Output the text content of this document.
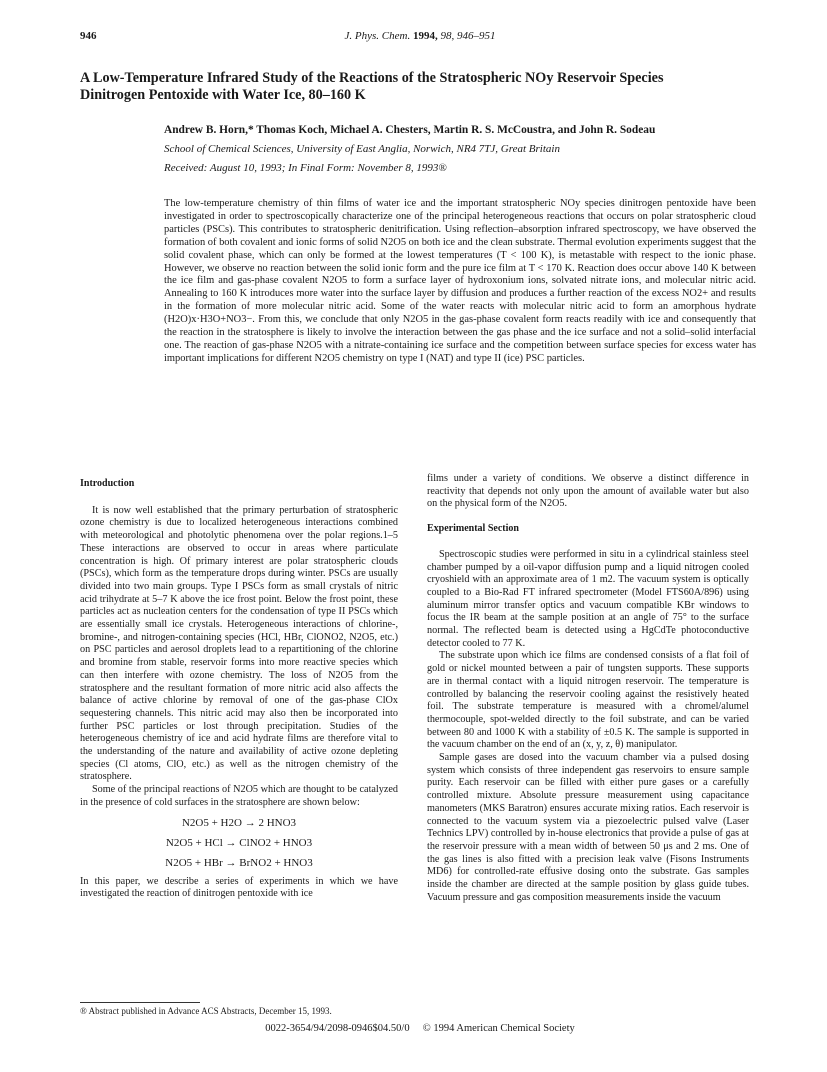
946	J. Phys. Chem. 1994, 98, 946–951
A Low-Temperature Infrared Study of the Reactions of the Stratospheric NOy Reservoir Species
Dinitrogen Pentoxide with Water Ice, 80–160 K

Andrew B. Horn,* Thomas Koch, Michael A. Chesters, Martin R. S. McCoustra, and John R. Sodeau

School of Chemical Sciences, University of East Anglia, Norwich, NR4 7TJ, Great Britain

Received: August 10, 1993; In Final Form: November 8, 1993®

The low-temperature chemistry of thin films of water ice and the important stratospheric NOy species dinitrogen pentoxide have been investigated in order to spectroscopically characterize one of the principal heterogeneous reactions that occurs on polar stratospheric cloud particles (PSCs). This contributes to stratospheric denitrification. Using reflection–absorption infrared spectroscopy, we have observed the formation of both covalent and ionic forms of solid N2O5 on both ice and the clean substrate. Thermal evolution experiments suggest that the solid covalent phase, which can only be formed at the lowest temperatures (T < 100 K), is metastable with respect to the ionic phase. However, we observe no reaction between the solid ionic form and the pure ice film at T < 170 K. Reaction does occur above 140 K between the ice film and gas-phase covalent N2O5 to form a surface layer of hydroxonium ions, solvated nitrate ions, and molecular nitric acid. Annealing to 160 K introduces more water into the surface layer by diffusion and produces a further reaction of the excess NO2+ and results in the formation of more molecular nitric acid. Some of the water reacts with molecular nitric acid to form an amorphous hydrate (H2O)x·H3O+NO3−. From this, we conclude that only N2O5 in the gas-phase covalent form reacts readily with ice and consequently that the reaction in the stratosphere is likely to involve the interaction between the gas phase and the ice surface and not a solid–solid interfacial one. The reaction of gas-phase N2O5 with a nitrate-containing ice surface and the competition between surface species for excess water has important implications for different N2O5 chemistry on type I (NAT) and type II (ice) PSC particles.

Introduction

It is now well established that the primary perturbation of stratospheric ozone chemistry is due to localized heterogeneous interactions combined with meteorological and photolytic phenomena over the polar regions.1–5 These interactions are observed to occur in areas where particulate concentration is high. Of primary interest are polar stratospheric clouds (PSCs), which form as the temperature drops during winter. PSCs are usually divided into two main groups. Type I PSCs form as small crystals of nitric acid trihydrate at 5–7 K above the ice frost point. Below the frost point, these particles act as nucleation centers for the condensation of type II PSCs which are essentially small ice crystals. Heterogeneous interactions of chlorine-, bromine-, and nitrogen-containing species (HCl, HBr, ClONO2, N2O5, etc.) on PSC particles and aerosol droplets lead to a repartitioning of the chlorine and bromine from stable, reservoir forms into more reactive species which can then interfere with ozone chemistry. The loss of N2O5 from the stratosphere and the resultant formation of more nitric acid also affects the balance of active chlorine by removal of one of the gas-phase ClOx sequestering channels. This nitric acid may also then be incorporated into further PSC particles or lost through precipitation. Studies of the heterogeneous chemistry of ice and acid hydrate films are therefore vital to the understanding of the nature and availability of active ozone depleting species (Cl atoms, ClO, etc.) as well as the nitrogen chemistry of the stratosphere.

Some of the principal reactions of N2O5 which are thought to be catalyzed in the presence of cold surfaces in the stratosphere are shown below:

N2O5 + H2O → 2 HNO3
N2O5 + HCl → ClNO2 + HNO3
N2O5 + HBr → BrNO2 + HNO3

In this paper, we describe a series of experiments in which we have investigated the reaction of dinitrogen pentoxide with ice

films under a variety of conditions. We observe a distinct difference in reactivity that depends not only upon the amount of available water but also on the physical form of the N2O5.

Experimental Section

Spectroscopic studies were performed in situ in a cylindrical stainless steel chamber pumped by a oil-vapor diffusion pump and a liquid nitrogen cooled cryoshield with an approximate area of 1 m2. The vacuum system is optically coupled to a Bio-Rad FT infrared spectrometer (Model FTS60A/896) using aluminum mirror transfer optics and vacuum compatible KBr windows to focus the IR beam at the sample position at an angle of 75° to the surface normal. The reflected beam is detected using a HgCdTe photoconductive detector cooled to 77 K.

The substrate upon which ice films are condensed consists of a flat foil of gold or nickel mounted between a pair of tungsten supports. These supports are in thermal contact with a liquid nitrogen reservoir. The temperature is controlled by balancing the reservoir cooling against the resistively heated foil. The substrate temperature is measured with a chromel/alumel thermocouple, spot-welded directly to the foil substrate, and can be varied between 80 and 1000 K with a stability of ±0.5 K. The sample is supported in the vacuum chamber on the end of an (x, y, z, θ) manipulator.

Sample gases are dosed into the vacuum chamber via a pulsed dosing system which consists of three independent gas reservoirs to ensure sample purity. Each reservoir can be filled with either pure gases or a carefully controlled mixture. Absolute pressure measurement using capacitance manometers (MKS Baratron) ensures accurate mixing ratios. Each reservoir is connected to the vacuum system via a piezoelectric pulsed valve (Laser Technics LPV) controlled by in-house electronics that provide a pulse of gas at the reservoir pressure with a mean width of between 50 μs and 2 ms. One of the gas lines is also fitted with a precision leak valve (Fisons Instruments MD6) for controlled-rate effusive dosing onto the substrate. Gas samples inside the chamber are directed at the sample position by glass guide tubes. Vacuum pressure and gas composition measurements inside the vacuum

® Abstract published in Advance ACS Abstracts, December 15, 1993.

0022-3654/94/2098-0946$04.50/0 © 1994 American Chemical Society
